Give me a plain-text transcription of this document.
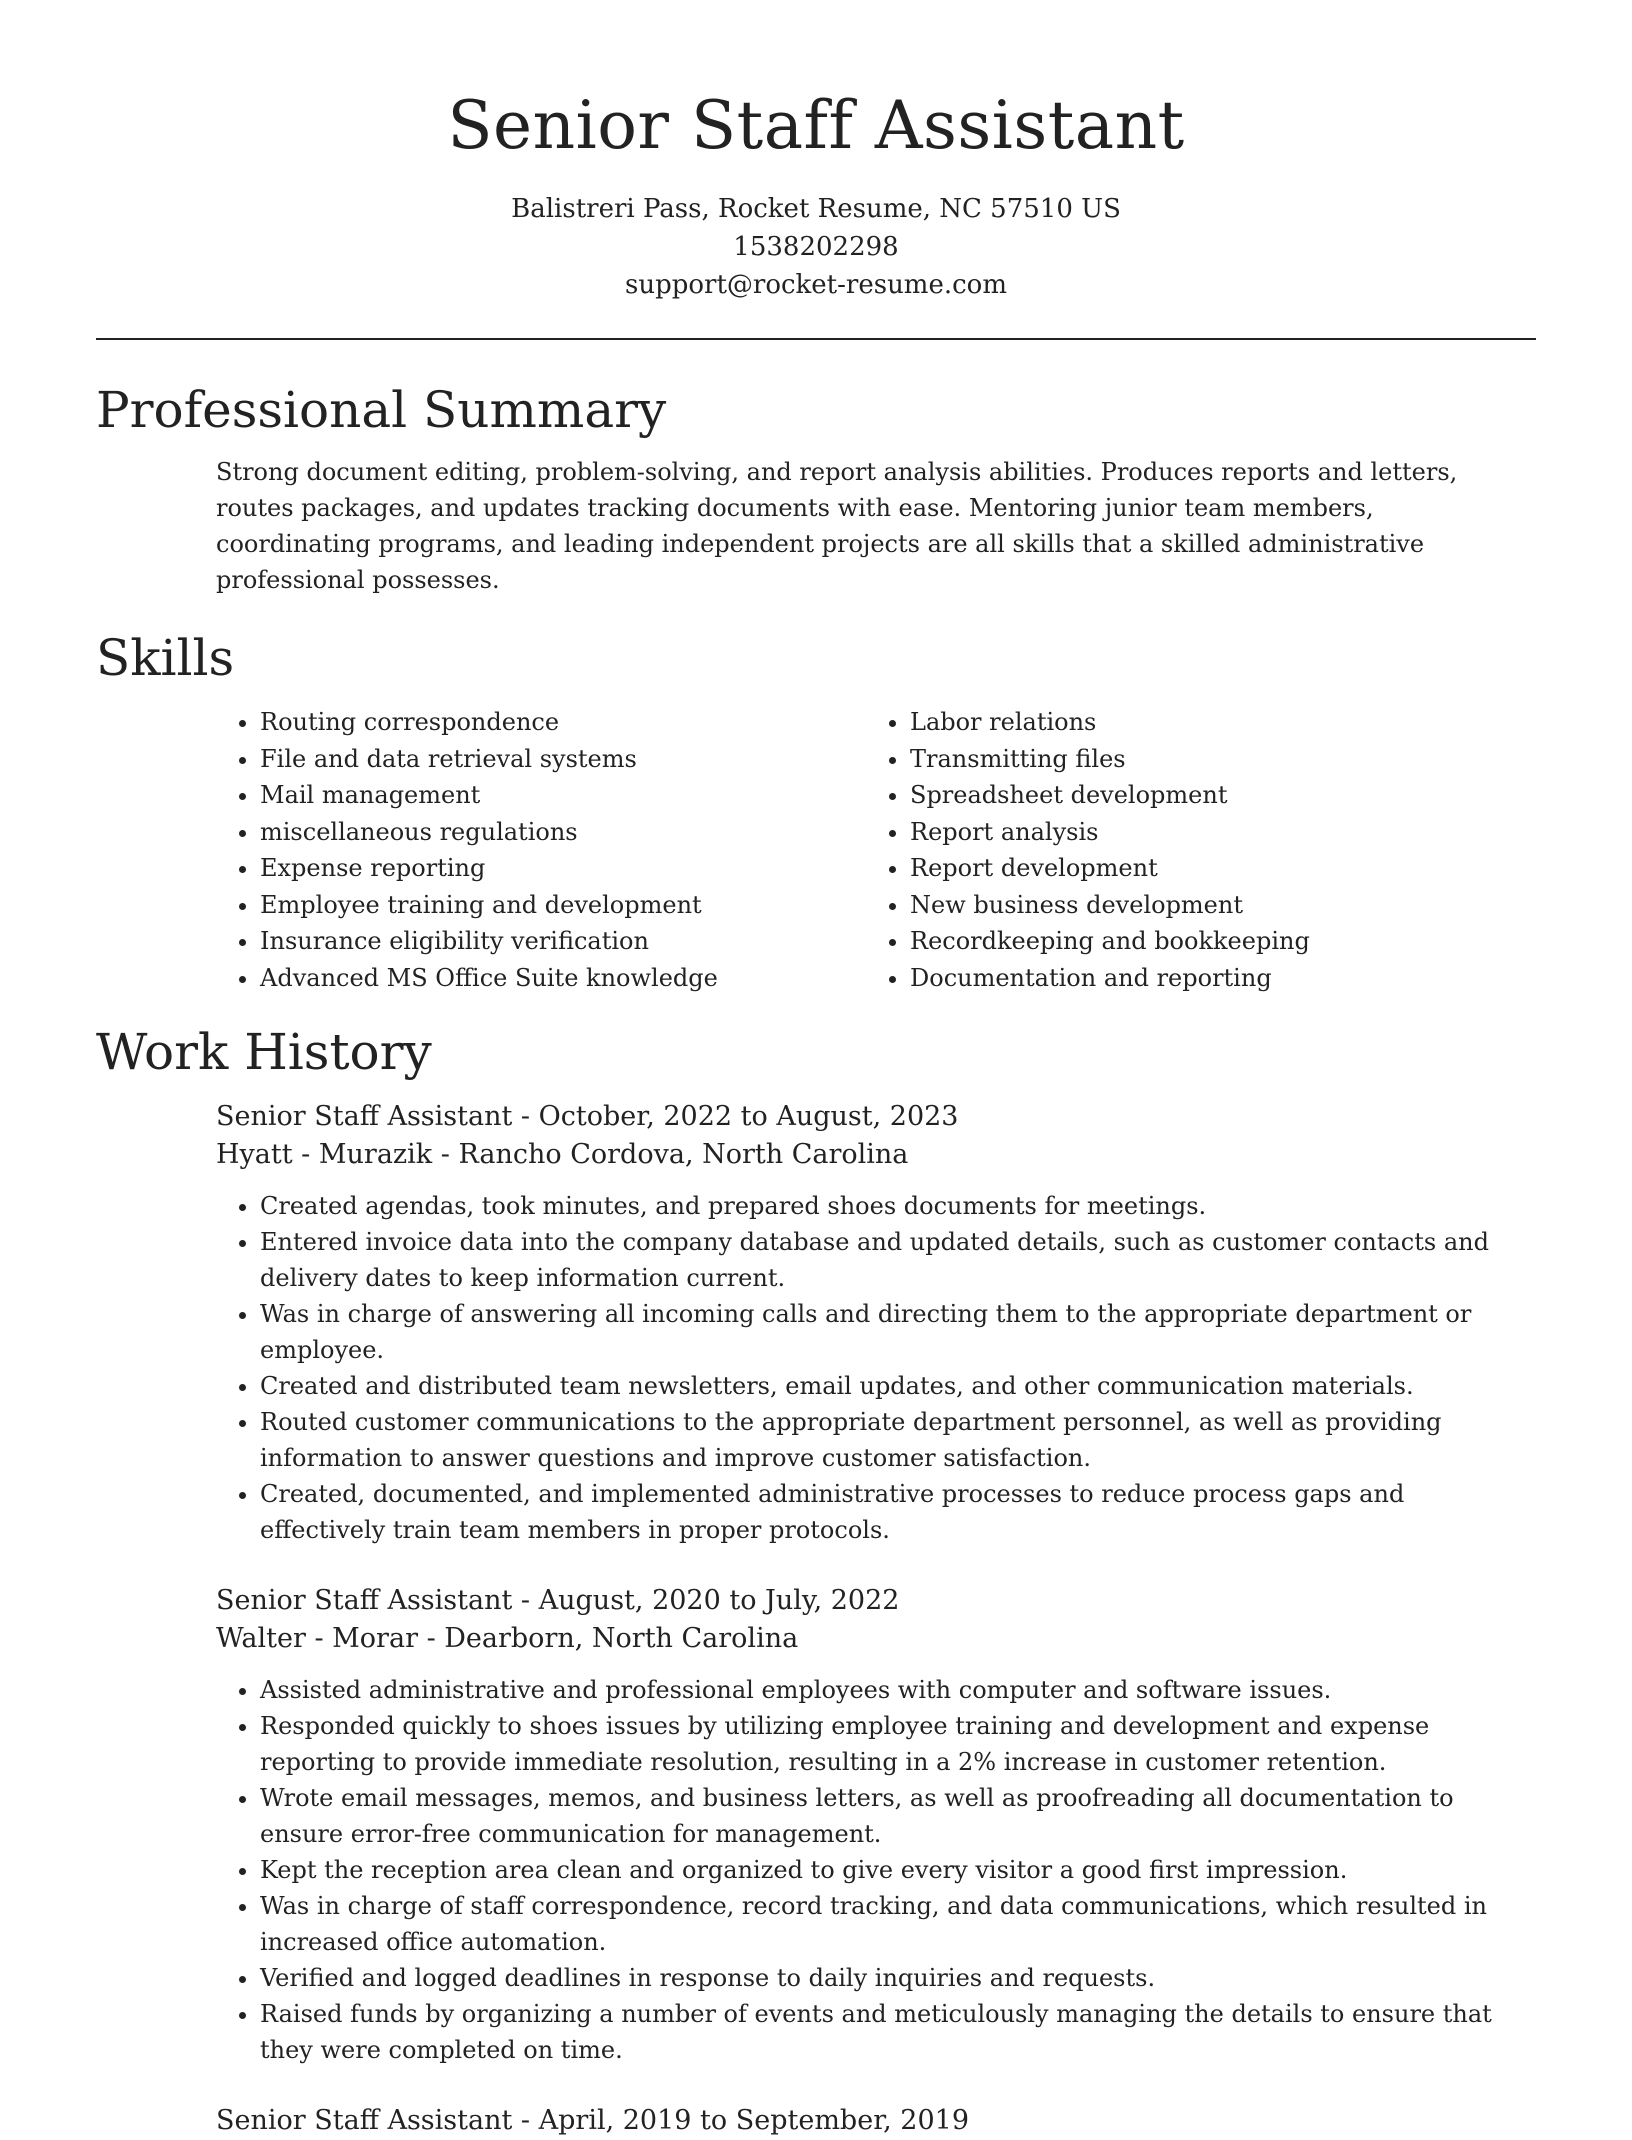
Senior Staff Assistant
Balistreri Pass, Rocket Resume, NC 57510 US
1538202298
support@rocket-resume.com
Professional Summary
Strong document editing, problem-solving, and report analysis abilities. Produces reports and letters, routes packages, and updates tracking documents with ease. Mentoring junior team members, coordinating programs, and leading independent projects are all skills that a skilled administrative professional possesses.
Skills
• Routing correspondence
• File and data retrieval systems
• Mail management
• miscellaneous regulations
• Expense reporting
• Employee training and development
• Insurance eligibility verification
• Advanced MS Office Suite knowledge
• Labor relations
• Transmitting files
• Spreadsheet development
• Report analysis
• Report development
• New business development
• Recordkeeping and bookkeeping
• Documentation and reporting
Work History
Senior Staff Assistant - October, 2022 to August, 2023
Hyatt - Murazik - Rancho Cordova, North Carolina
• Created agendas, took minutes, and prepared shoes documents for meetings.
• Entered invoice data into the company database and updated details, such as customer contacts and delivery dates to keep information current.
• Was in charge of answering all incoming calls and directing them to the appropriate department or employee.
• Created and distributed team newsletters, email updates, and other communication materials.
• Routed customer communications to the appropriate department personnel, as well as providing information to answer questions and improve customer satisfaction.
• Created, documented, and implemented administrative processes to reduce process gaps and effectively train team members in proper protocols.
Senior Staff Assistant - August, 2020 to July, 2022
Walter - Morar - Dearborn, North Carolina
• Assisted administrative and professional employees with computer and software issues.
• Responded quickly to shoes issues by utilizing employee training and development and expense reporting to provide immediate resolution, resulting in a 2% increase in customer retention.
• Wrote email messages, memos, and business letters, as well as proofreading all documentation to ensure error-free communication for management.
• Kept the reception area clean and organized to give every visitor a good first impression.
• Was in charge of staff correspondence, record tracking, and data communications, which resulted in increased office automation.
• Verified and logged deadlines in response to daily inquiries and requests.
• Raised funds by organizing a number of events and meticulously managing the details to ensure that they were completed on time.
Senior Staff Assistant - April, 2019 to September, 2019
